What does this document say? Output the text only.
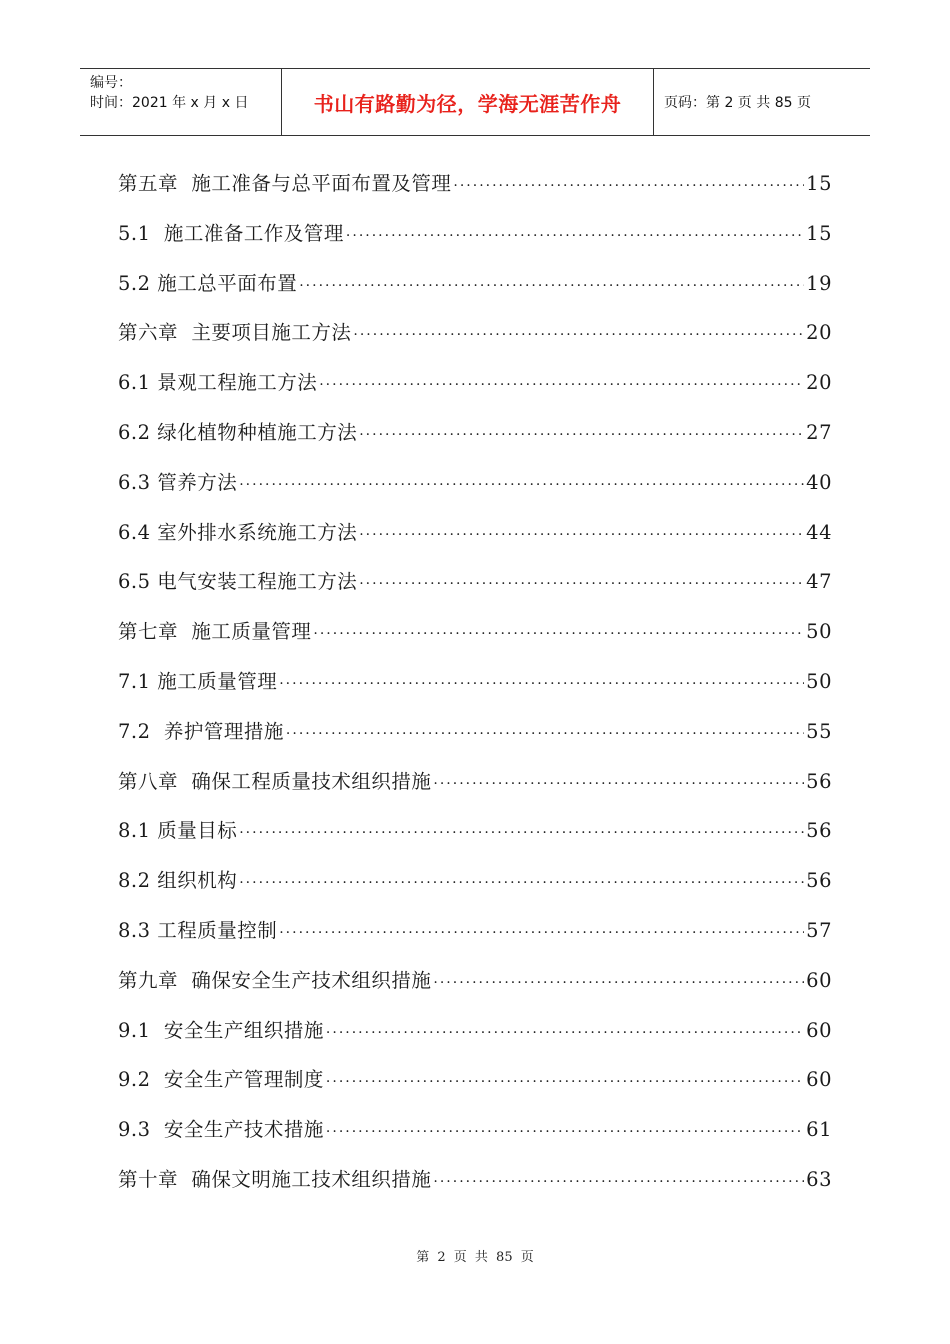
编号：
时间：2021 年 x 月 x 日	书山有路勤为径，学海无涯苦作舟	页码：第 2 页 共 85 页
第五章  施工准备与总平面布置及管理 ·····	15
5.1  施工准备工作及管理 ·····	15
5.2 施工总平面布置 ·····	19
第六章  主要项目施工方法 ·····	20
6.1 景观工程施工方法 ·····	20
6.2 绿化植物种植施工方法 ·····	27
6.3 管养方法 ·····	40
6.4 室外排水系统施工方法 ·····	44
6.5 电气安装工程施工方法 ·····	47
第七章  施工质量管理 ·····	50
7.1 施工质量管理 ·····	50
7.2  养护管理措施 ·····	55
第八章  确保工程质量技术组织措施 ·····	56
8.1 质量目标 ·····	56
8.2 组织机构 ·····	56
8.3 工程质量控制 ·····	57
第九章  确保安全生产技术组织措施 ·····	60
9.1  安全生产组织措施 ·····	60
9.2  安全生产管理制度 ·····	60
9.3  安全生产技术措施 ·····	61
第十章  确保文明施工技术组织措施 ·····	63
第 2 页 共 85 页
